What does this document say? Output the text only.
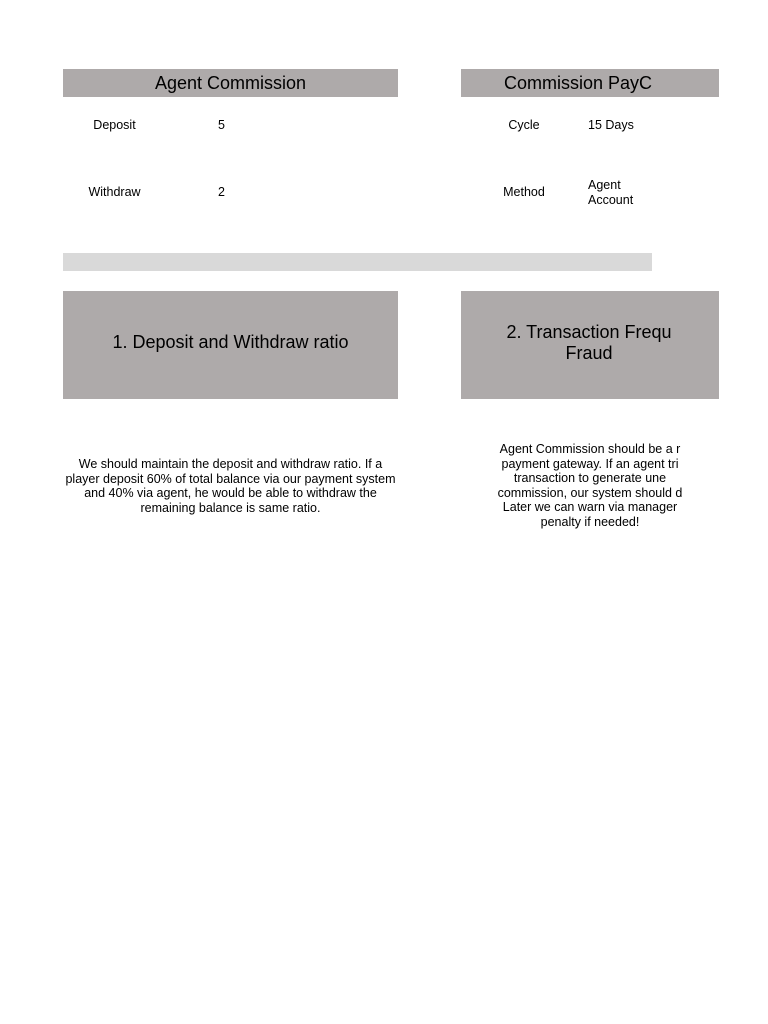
Agent Commission	Commission PayC
Deposit	5
Withdraw	2
Cycle	15 Days
Method	Agent
Account
1. Deposit and Withdraw ratio	2. Transaction Frequ
Fraud
We should maintain the deposit and withdraw ratio. If a player deposit 60% of total balance via our payment system and 40% via agent, he would be able to withdraw the remaining balance is same ratio.
Agent Commission should be a r
payment gateway. If an agent tri
transaction to generate une
commission, our system should d
Later we can warn via manager
penalty if needed!
